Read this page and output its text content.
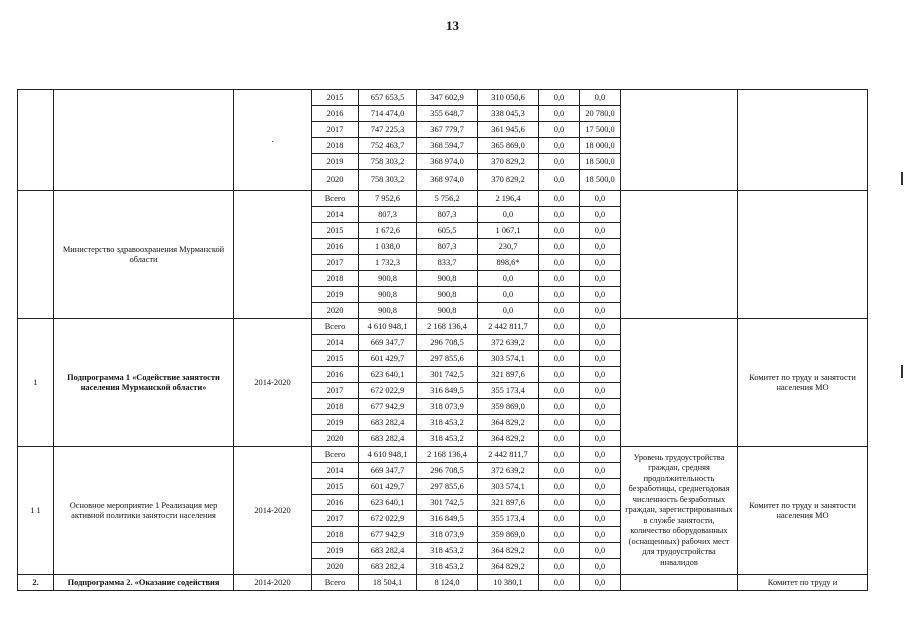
13
		.	2015	657 653,5	347 602,9	310 050,6	0,0	0,0		
			2016	714 474,0	355 648,7	338 045,3	0,0	20 780,0		
			2017	747 225,3	367 779,7	361 945,6	0,0	17 500,0		
			2018	752 463,7	368 594,7	365 869,0	0,0	18 000,0		
			2019	758 303,2	368 974,0	370 829,2	0,0	18 500,0		
			2020	758 303,2	368 974,0	370 829,2	0,0	18 500,0		
	Министерство здравоохранения Мурманской области		Всего	7 952,6	5 756,2	2 196,4	0,0	0,0		
			2014	807,3	807,3	0,0	0,0	0,0		
			2015	1 672,6	605,5	1 067,1	0,0	0,0		
			2016	1 038,0	807,3	230,7	0,0	0,0		
			2017	1 732,3	833,7	898,6*	0,0	0,0		
			2018	900,8	900,8	0,0	0,0	0,0		
			2019	900,8	900,8	0,0	0,0	0,0		
			2020	900,8	900,8	0,0	0,0	0,0		
1	Подпрограмма 1 «Содействие занятости населения Мурманской области»	2014-2020	Всего	4 610 948,1	2 168 136,4	2 442 811,7	0,0	0,0		Комитет по труду и занятости населения МО
			2014	669 347,7	296 708,5	372 639,2	0,0	0,0		
			2015	601 429,7	297 855,6	303 574,1	0,0	0,0		
			2016	623 640,1	301 742,5	321 897,6	0,0	0,0		
			2017	672 022,9	316 849,5	355 173,4	0,0	0,0		
			2018	677 942,9	318 073,9	359 869,0	0,0	0,0		
			2019	683 282,4	318 453,2	364 829,2	0,0	0,0		
			2020	683 282,4	318 453,2	364 829,2	0,0	0,0		
1 1	Основное мероприятие 1 Реализация мер активной политики занятости населения	2014-2020	Всего	4 610 948,1	2 168 136,4	2 442 811,7	0,0	0,0	Уровень трудоустройства граждан, средняя продолжительность безработицы, среднегодовая численность безработных граждан, зарегистрированных в службе занятости, количество оборудованных (оснащенных) рабочих мест для трудоустройства инвалидов	Комитет по труду и занятости населения МО
			2014	669 347,7	296 708,5	372 639,2	0,0	0,0		
			2015	601 429,7	297 855,6	303 574,1	0,0	0,0		
			2016	623 640,1	301 742,5	321 897,6	0,0	0,0		
			2017	672 022,9	316 849,5	355 173,4	0,0	0,0		
			2018	677 942,9	318 073,9	359 869,0	0,0	0,0		
			2019	683 282,4	318 453,2	364 829,2	0,0	0,0		
			2020	683 282,4	318 453,2	364 829,2	0,0	0,0		
2.	Подпрограмма 2. «Оказание содействия	2014-2020	Всего	18 504,1	8 124,0	10 380,1	0,0	0,0		Комитет по труду и
